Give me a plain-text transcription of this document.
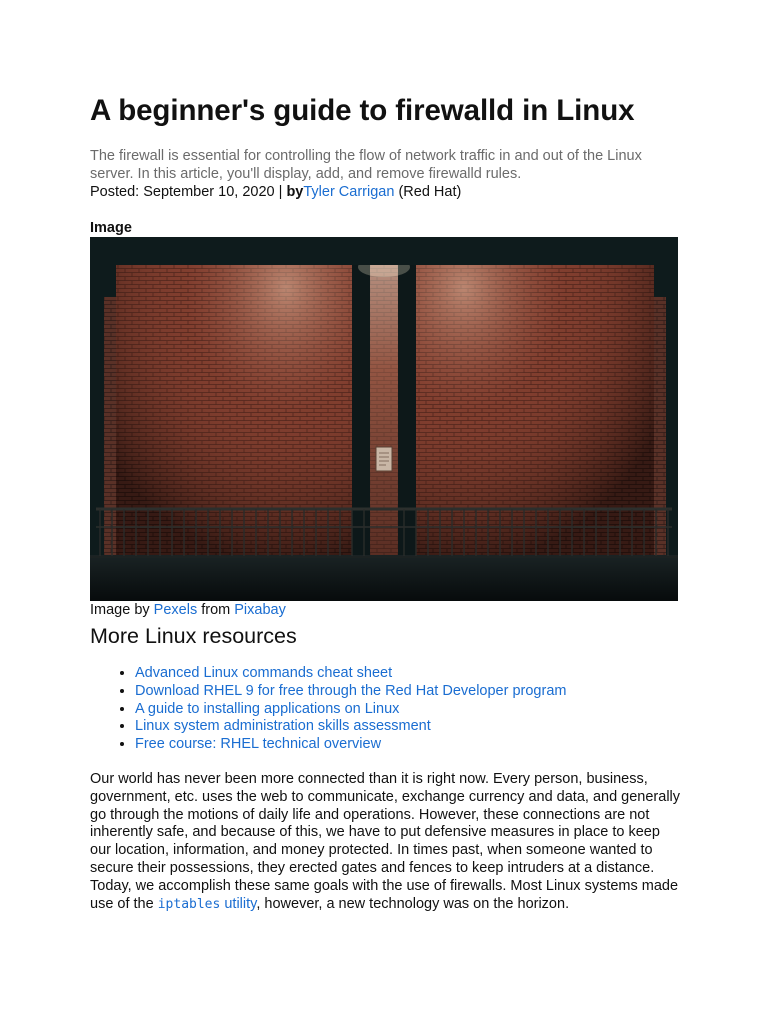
A beginner's guide to firewalld in Linux

The firewall is essential for controlling the flow of network traffic in and out of the Linux server. In this article, you'll display, add, and remove firewalld rules.

Posted: September 10, 2020 | byTyler Carrigan (Red Hat)

Image

Image by Pexels from Pixabay

More Linux resources
• Advanced Linux commands cheat sheet
• Download RHEL 9 for free through the Red Hat Developer program
• A guide to installing applications on Linux
• Linux system administration skills assessment
• Free course: RHEL technical overview

Our world has never been more connected than it is right now. Every person, business, government, etc. uses the web to communicate, exchange currency and data, and generally go through the motions of daily life and operations. However, these connections are not inherently safe, and because of this, we have to put defensive measures in place to keep our location, information, and money protected. In times past, when someone wanted to secure their possessions, they erected gates and fences to keep intruders at a distance. Today, we accomplish these same goals with the use of firewalls. Most Linux systems made use of the iptables utility, however, a new technology was on the horizon.
